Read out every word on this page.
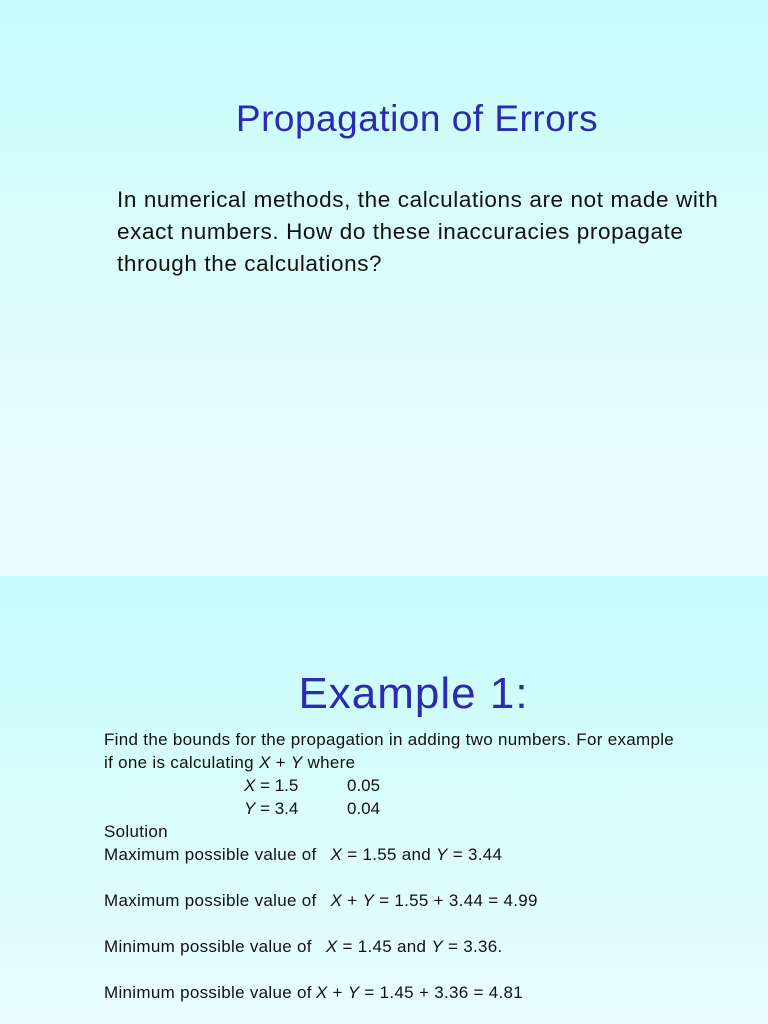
Propagation of Errors
In numerical methods, the calculations are not made with exact numbers. How do these inaccuracies propagate through the calculations?
Example 1:
Find the bounds for the propagation in adding two numbers. For example
if one is calculating X + Y where
X = 1.5	0.05
Y = 3.4	0.04
Solution
Maximum possible value of X = 1.55 and Y = 3.44
Maximum possible value of X + Y = 1.55 + 3.44 = 4.99
Minimum possible value of X = 1.45 and Y = 3.36.
Minimum possible value of X + Y = 1.45 + 3.36 = 4.81
